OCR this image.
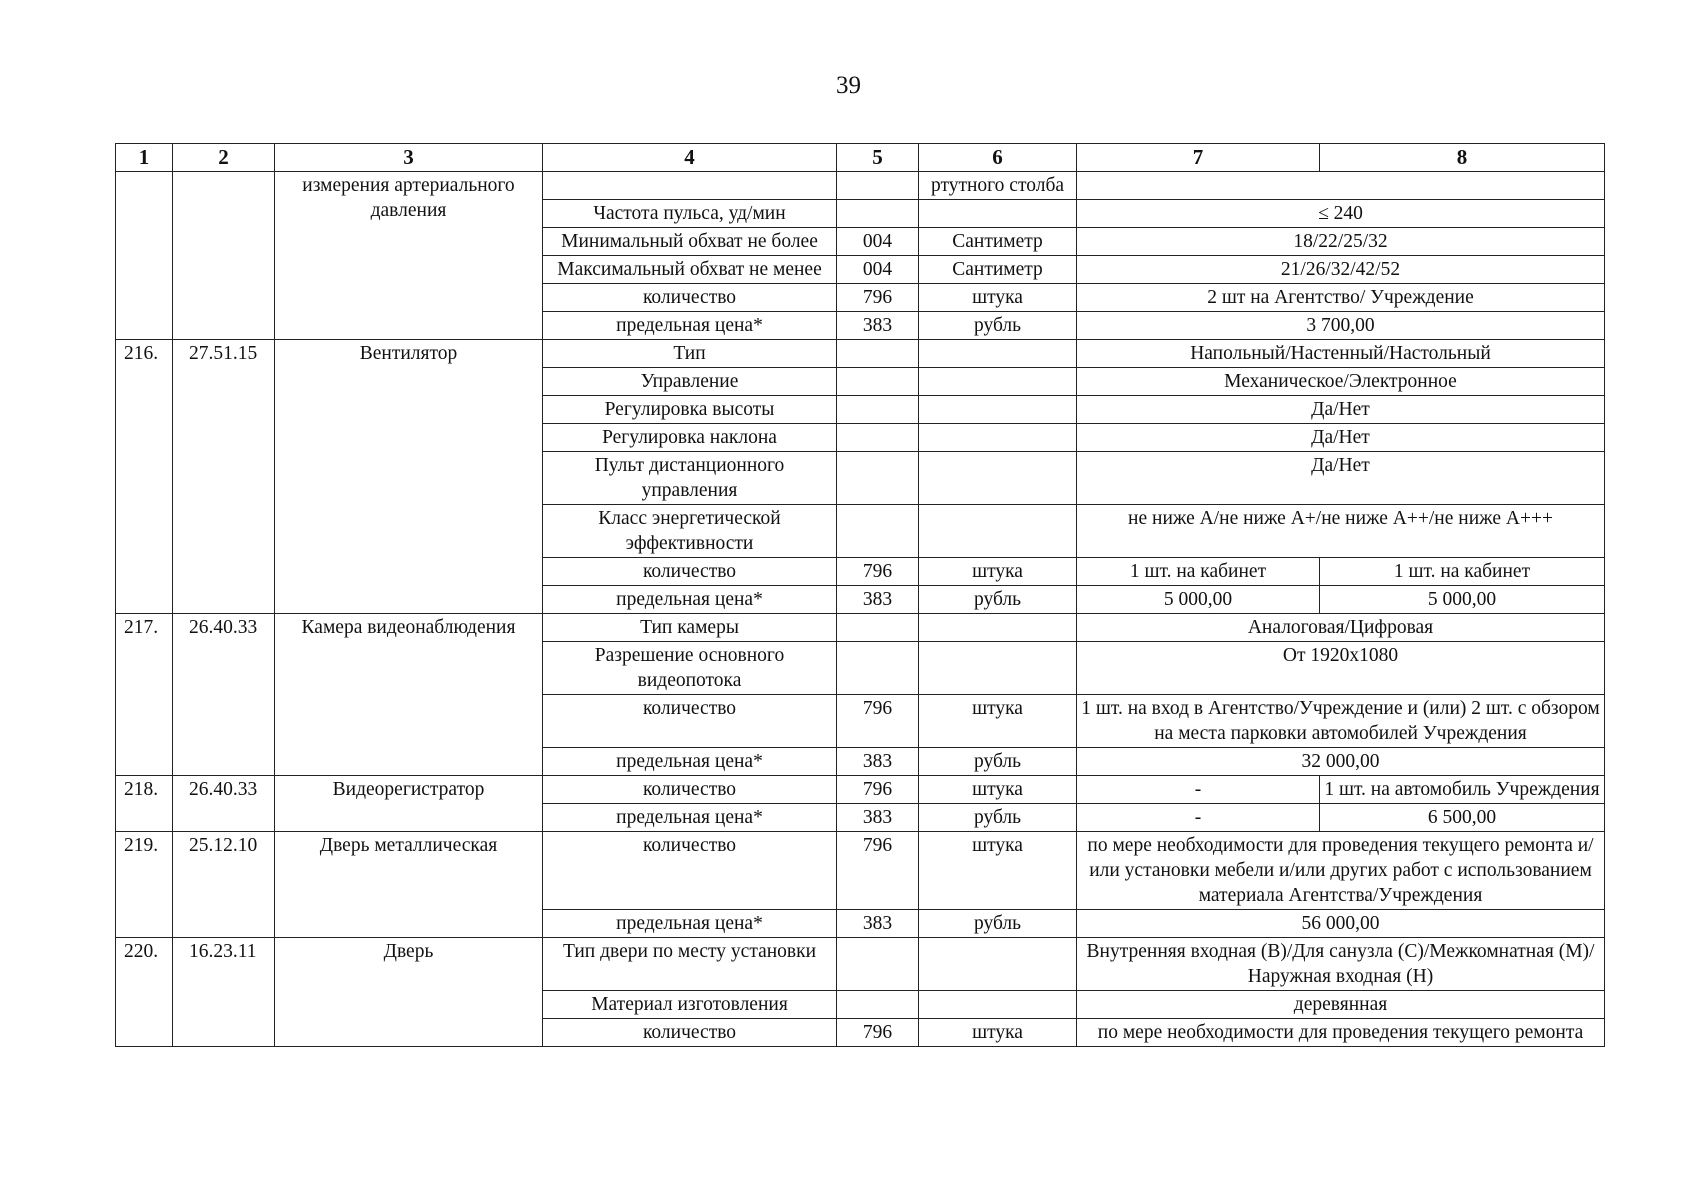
39
1	2	3	4	5	6	7	8
		измерения артериального давления			ртутного столба		
			Частота пульса, уд/мин			≤ 240	
			Минимальный обхват не более	004	Сантиметр	18/22/25/32	
			Максимальный обхват не менее	004	Сантиметр	21/26/32/42/52	
			количество	796	штука	2 шт на Агентство/ Учреждение	
			предельная цена*	383	рубль	3 700,00	
216.	27.51.15	Вентилятор	Тип			Напольный/Настенный/Настольный	
			Управление			Механическое/Электронное	
			Регулировка высоты			Да/Нет	
			Регулировка наклона			Да/Нет	
			Пульт дистанционного управления			Да/Нет	
			Класс энергетической эффективности			не ниже А/не ниже А+/не ниже А++/не ниже А+++	
			количество	796	штука	1 шт. на кабинет	1 шт. на кабинет
			предельная цена*	383	рубль	5 000,00	5 000,00
217.	26.40.33	Камера видеонаблюдения	Тип камеры			Аналоговая/Цифровая	
			Разрешение основного видеопотока			От 1920х1080	
			количество	796	штука	1 шт. на вход в Агентство/Учреждение и (или) 2 шт. с обзором на места парковки автомобилей Учреждения	
			предельная цена*	383	рубль	32 000,00	
218.	26.40.33	Видеорегистратор	количество	796	штука	-	1 шт. на автомобиль Учреждения
			предельная цена*	383	рубль	-	6 500,00
219.	25.12.10	Дверь металлическая	количество	796	штука	по мере необходимости для проведения текущего ремонта и/или установки мебели и/или других работ с использованием материала Агентства/Учреждения	
			предельная цена*	383	рубль	56 000,00	
220.	16.23.11	Дверь	Тип двери по месту установки			Внутренняя входная (В)/Для санузла (С)/Межкомнатная (М)/Наружная входная (Н)	
			Материал изготовления			деревянная	
			количество	796	штука	по мере необходимости для проведения текущего ремонта	
